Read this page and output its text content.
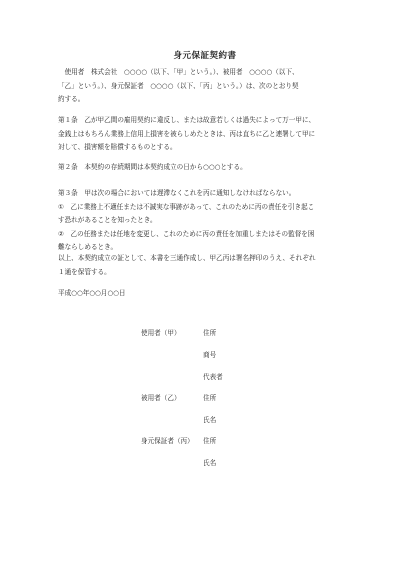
身元保証契約書
　使用者　株式会社　○○○○（以下、「甲」という。）、被用者　○○○○（以下、
「乙」という。）、身元保証者　○○○○（以下、「丙」という。）は、次のとおり契
約する。
第１条　乙が甲乙間の雇用契約に違反し、または故意若しくは過失によって万一甲に、
金銭上はもちろん業務上信用上損害を被らしめたときは、丙は直ちに乙と連署して甲に
対して、損害額を賠償するものとする。
第２条　本契約の存続期間は本契約成立の日から○○○とする。
第３条　甲は次の場合においては遅滞なくこれを丙に通知しなければならない。
①　乙に業務上不適任または不誠実な事跡があって、これのために丙の責任を引き起こ
す恐れがあることを知ったとき。
②　乙の任務または任地を変更し、これのために丙の責任を加重しまたはその監督を困
難ならしめるとき。
以上、本契約成立の証として、本書を三通作成し、甲乙丙は署名押印のうえ、それぞれ
１通を保管する。
平成○○年○○月○○日
使用者（甲）	住所
商号
代表者
被用者（乙）	住所
氏名
身元保証者（丙） 住所
氏名
